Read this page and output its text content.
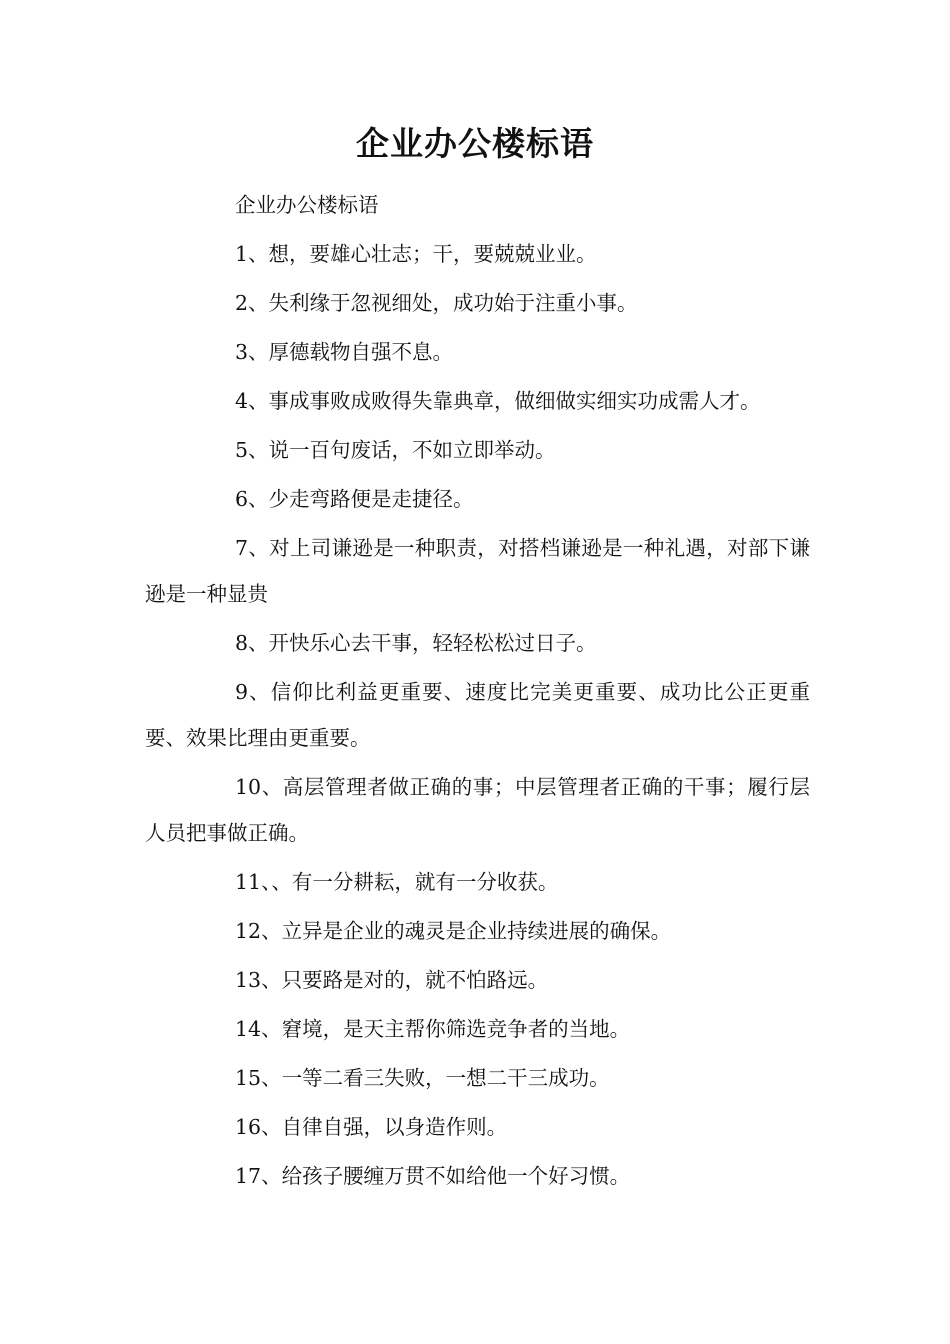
企业办公楼标语

企业办公楼标语

1、想，要雄心壮志；干，要兢兢业业。

2、失利缘于忽视细处，成功始于注重小事。

3、厚德载物自强不息。

4、事成事败成败得失靠典章，做细做实细实功成需人才。

5、说一百句废话，不如立即举动。

6、少走弯路便是走捷径。

7、对上司谦逊是一种职责，对搭档谦逊是一种礼遇，对部下谦逊是一种显贵

8、开快乐心去干事，轻轻松松过日子。

9、信仰比利益更重要、速度比完美更重要、成功比公正更重要、效果比理由更重要。

10、高层管理者做正确的事；中层管理者正确的干事；履行层人员把事做正确。

11、、有一分耕耘，就有一分收获。

12、立异是企业的魂灵是企业持续进展的确保。

13、只要路是对的，就不怕路远。

14、窘境，是天主帮你筛选竞争者的当地。

15、一等二看三失败，一想二干三成功。

16、自律自强，以身造作则。

17、给孩子腰缠万贯不如给他一个好习惯。
